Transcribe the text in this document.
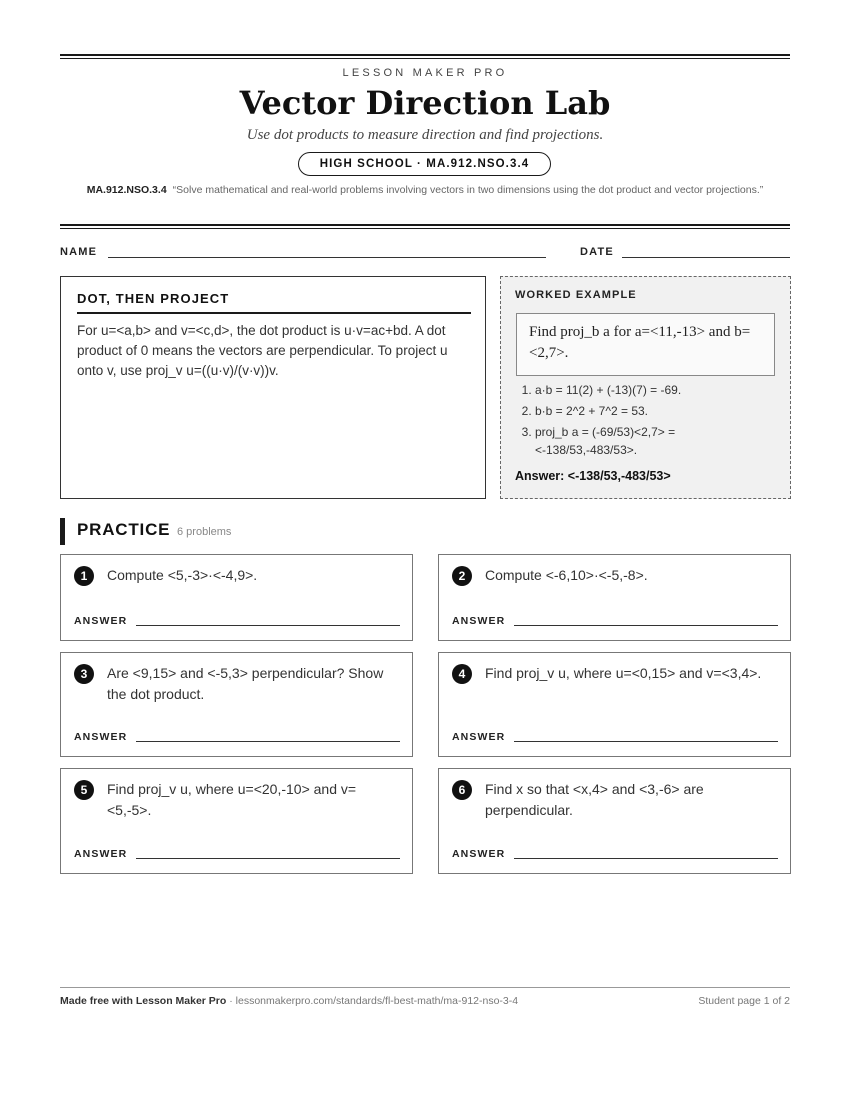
LESSON MAKER PRO
Vector Direction Lab
Use dot products to measure direction and find projections.
HIGH SCHOOL · MA.912.NSO.3.4
MA.912.NSO.3.4 “Solve mathematical and real-world problems involving vectors in two dimensions using the dot product and vector projections.”
NAME	DATE
DOT, THEN PROJECT
For u=<a,b> and v=<c,d>, the dot product is u·v=ac+bd. A dot product of 0 means the vectors are perpendicular. To project u onto v, use proj_v u=((u·v)/(v·v))v.
WORKED EXAMPLE
Find proj_b a for a=<11,-13> and b=<2,7>.
1. a·b = 11(2) + (-13)(7) = -69.
2. b·b = 2^2 + 7^2 = 53.
3. proj_b a = (-69/53)<2,7> = <-138/53,-483/53>.
Answer: <-138/53,-483/53>
PRACTICE 6 problems
1	Compute <5,-3>·<-4,9>.
ANSWER
2	Compute <-6,10>·<-5,-8>.
ANSWER
3	Are <9,15> and <-5,3> perpendicular? Show the dot product.
ANSWER
4	Find proj_v u, where u=<0,15> and v=<3,4>.
ANSWER
5	Find proj_v u, where u=<20,-10> and v=<5,-5>.
ANSWER
6	Find x so that <x,4> and <3,-6> are perpendicular.
ANSWER
Made free with Lesson Maker Pro · lessonmakerpro.com/standards/fl-best-math/ma-912-nso-3-4	Student page 1 of 2
